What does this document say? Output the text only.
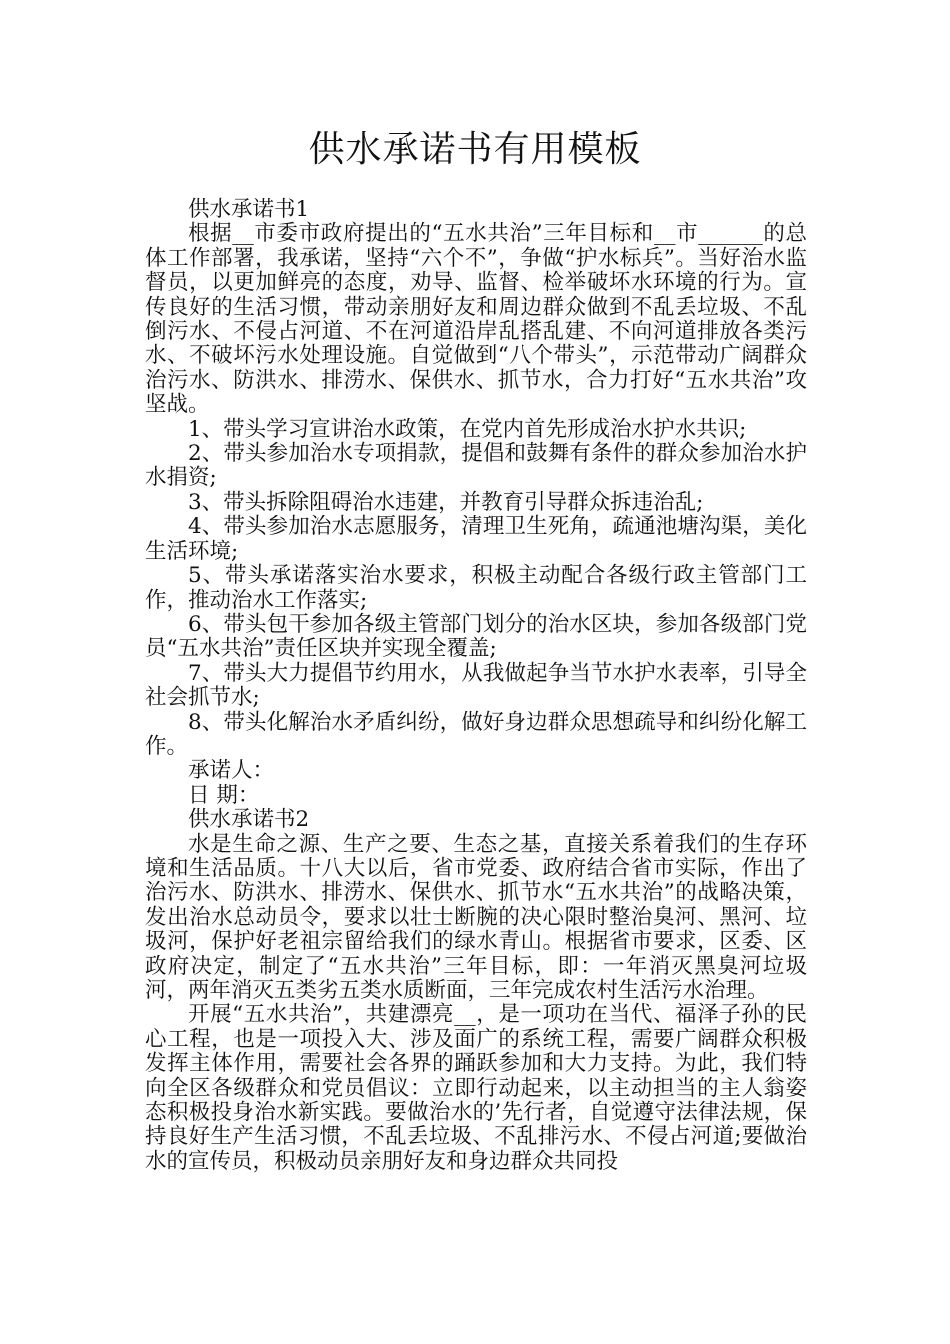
供水承诺书有用模板

供水承诺书1

根据__市委市政府提出的“五水共治”三年目标和__市______的总体工作部署，我承诺，坚持“六个不”，争做“护水标兵”。当好治水监督员，以更加鲜亮的态度，劝导、监督、检举破坏水环境的行为。宣传良好的生活习惯，带动亲朋好友和周边群众做到不乱丢垃圾、不乱倒污水、不侵占河道、不在河道沿岸乱搭乱建、不向河道排放各类污水、不破坏污水处理设施。自觉做到“八个带头”，示范带动广阔群众治污水、防洪水、排涝水、保供水、抓节水，合力打好“五水共治”攻坚战。

1、带头学习宣讲治水政策，在党内首先形成治水护水共识;

2、带头参加治水专项捐款，提倡和鼓舞有条件的群众参加治水护水捐资;

3、带头拆除阻碍治水违建，并教育引导群众拆违治乱;

4、带头参加治水志愿服务，清理卫生死角，疏通池塘沟渠，美化生活环境;

5、带头承诺落实治水要求，积极主动配合各级行政主管部门工作，推动治水工作落实;

6、带头包干参加各级主管部门划分的治水区块，参加各级部门党员“五水共治”责任区块并实现全覆盖;

7、带头大力提倡节约用水，从我做起争当节水护水表率，引导全社会抓节水;

8、带头化解治水矛盾纠纷，做好身边群众思想疏导和纠纷化解工作。

承诺人：

日 期：

供水承诺书2

水是生命之源、生产之要、生态之基，直接关系着我们的生存环境和生活品质。十八大以后，省市党委、政府结合省市实际，作出了治污水、防洪水、排涝水、保供水、抓节水“五水共治”的战略决策，发出治水总动员令，要求以壮士断腕的决心限时整治臭河、黑河、垃圾河，保护好老祖宗留给我们的绿水青山。根据省市要求，区委、区政府决定，制定了“五水共治”三年目标，即：一年消灭黑臭河垃圾河，两年消灭五类劣五类水质断面，三年完成农村生活污水治理。

开展“五水共治”，共建漂亮__，是一项功在当代、福泽子孙的民心工程，也是一项投入大、涉及面广的系统工程，需要广阔群众积极发挥主体作用，需要社会各界的踊跃参加和大力支持。为此，我们特向全区各级群众和党员倡议：立即行动起来，以主动担当的主人翁姿态积极投身治水新实践。要做治水的’先行者，自觉遵守法律法规，保持良好生产生活习惯，不乱丢垃圾、不乱排污水、不侵占河道;要做治水的宣传员，积极动员亲朋好友和身边群众共同投
